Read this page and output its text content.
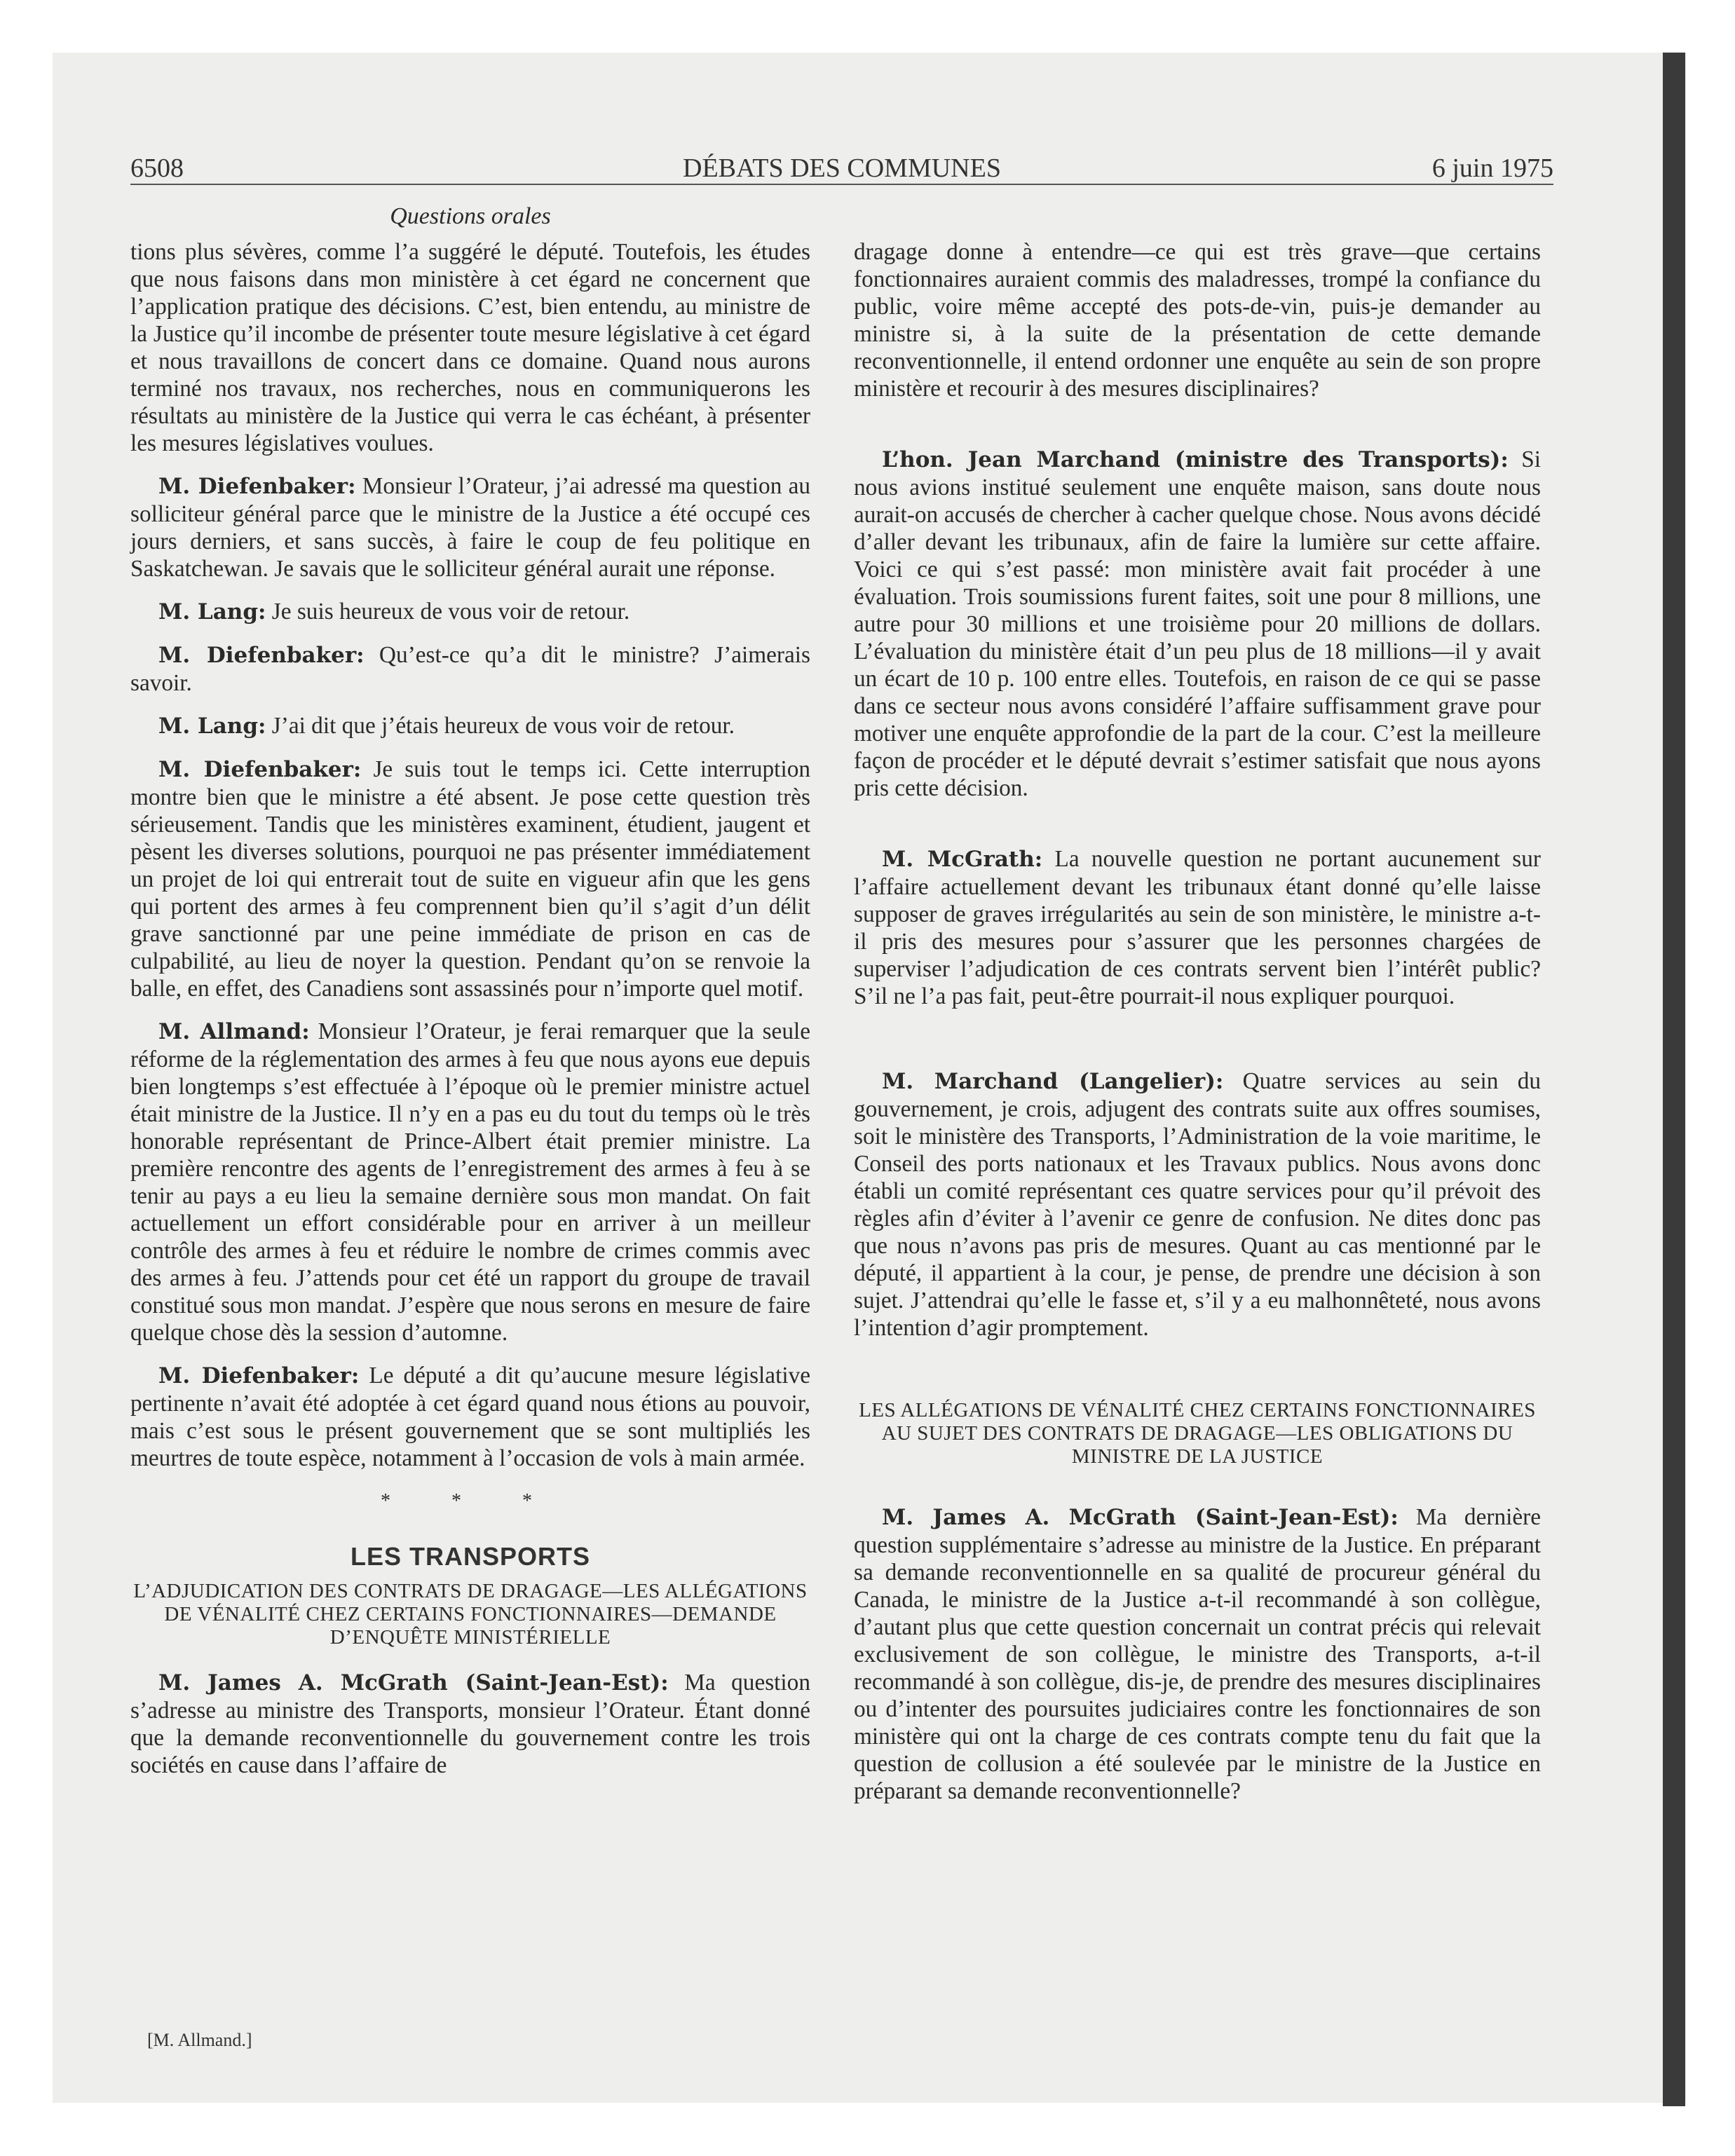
6508	DÉBATS DES COMMUNES	6 juin 1975
Questions orales

tions plus sévères, comme l’a suggéré le député. Toutefois, les études que nous faisons dans mon ministère à cet égard ne concernent que l’application pratique des décisions. C’est, bien entendu, au ministre de la Justice qu’il incombe de présenter toute mesure législative à cet égard et nous travaillons de concert dans ce domaine. Quand nous aurons terminé nos travaux, nos recherches, nous en communiquerons les résultats au ministère de la Justice qui verra le cas échéant, à présenter les mesures législatives voulues.

M. Diefenbaker: Monsieur l’Orateur, j’ai adressé ma question au solliciteur général parce que le ministre de la Justice a été occupé ces jours derniers, et sans succès, à faire le coup de feu politique en Saskatchewan. Je savais que le solliciteur général aurait une réponse.

M. Lang: Je suis heureux de vous voir de retour.

M. Diefenbaker: Qu’est-ce qu’a dit le ministre? J’aimerais savoir.

M. Lang: J’ai dit que j’étais heureux de vous voir de retour.

M. Diefenbaker: Je suis tout le temps ici. Cette interruption montre bien que le ministre a été absent. Je pose cette question très sérieusement. Tandis que les ministères examinent, étudient, jaugent et pèsent les diverses solutions, pourquoi ne pas présenter immédiatement un projet de loi qui entrerait tout de suite en vigueur afin que les gens qui portent des armes à feu comprennent bien qu’il s’agit d’un délit grave sanctionné par une peine immédiate de prison en cas de culpabilité, au lieu de noyer la question. Pendant qu’on se renvoie la balle, en effet, des Canadiens sont assassinés pour n’importe quel motif.

M. Allmand: Monsieur l’Orateur, je ferai remarquer que la seule réforme de la réglementation des armes à feu que nous ayons eue depuis bien longtemps s’est effectuée à l’époque où le premier ministre actuel était ministre de la Justice. Il n’y en a pas eu du tout du temps où le très honorable représentant de Prince-Albert était premier ministre. La première rencontre des agents de l’enregistrement des armes à feu à se tenir au pays a eu lieu la semaine dernière sous mon mandat. On fait actuellement un effort considérable pour en arriver à un meilleur contrôle des armes à feu et réduire le nombre de crimes commis avec des armes à feu. J’attends pour cet été un rapport du groupe de travail constitué sous mon mandat. J’espère que nous serons en mesure de faire quelque chose dès la session d’automne.

M. Diefenbaker: Le député a dit qu’aucune mesure législative pertinente n’avait été adoptée à cet égard quand nous étions au pouvoir, mais c’est sous le présent gouvernement que se sont multipliés les meurtres de toute espèce, notamment à l’occasion de vols à main armée.

* * *
LES TRANSPORTS
L’ADJUDICATION DES CONTRATS DE DRAGAGE—LES ALLÉGATIONS DE VÉNALITÉ CHEZ CERTAINS FONCTIONNAIRES—DEMANDE D’ENQUÊTE MINISTÉRIELLE

M. James A. McGrath (Saint-Jean-Est): Ma question s’adresse au ministre des Transports, monsieur l’Orateur. Étant donné que la demande reconventionnelle du gouvernement contre les trois sociétés en cause dans l’affaire de

dragage donne à entendre—ce qui est très grave—que certains fonctionnaires auraient commis des maladresses, trompé la confiance du public, voire même accepté des pots-de-vin, puis-je demander au ministre si, à la suite de la présentation de cette demande reconventionnelle, il entend ordonner une enquête au sein de son propre ministère et recourir à des mesures disciplinaires?

L’hon. Jean Marchand (ministre des Transports): Si nous avions institué seulement une enquête maison, sans doute nous aurait-on accusés de chercher à cacher quelque chose. Nous avons décidé d’aller devant les tribunaux, afin de faire la lumière sur cette affaire. Voici ce qui s’est passé: mon ministère avait fait procéder à une évaluation. Trois soumissions furent faites, soit une pour 8 millions, une autre pour 30 millions et une troisième pour 20 millions de dollars. L’évaluation du ministère était d’un peu plus de 18 millions—il y avait un écart de 10 p. 100 entre elles. Toutefois, en raison de ce qui se passe dans ce secteur nous avons considéré l’affaire suffisamment grave pour motiver une enquête approfondie de la part de la cour. C’est la meilleure façon de procéder et le député devrait s’estimer satisfait que nous ayons pris cette décision.

M. McGrath: La nouvelle question ne portant aucunement sur l’affaire actuellement devant les tribunaux étant donné qu’elle laisse supposer de graves irrégularités au sein de son ministère, le ministre a-t-il pris des mesures pour s’assurer que les personnes chargées de superviser l’adjudication de ces contrats servent bien l’intérêt public? S’il ne l’a pas fait, peut-être pourrait-il nous expliquer pourquoi.

M. Marchand (Langelier): Quatre services au sein du gouvernement, je crois, adjugent des contrats suite aux offres soumises, soit le ministère des Transports, l’Administration de la voie maritime, le Conseil des ports nationaux et les Travaux publics. Nous avons donc établi un comité représentant ces quatre services pour qu’il prévoit des règles afin d’éviter à l’avenir ce genre de confusion. Ne dites donc pas que nous n’avons pas pris de mesures. Quant au cas mentionné par le député, il appartient à la cour, je pense, de prendre une décision à son sujet. J’attendrai qu’elle le fasse et, s’il y a eu malhonnêteté, nous avons l’intention d’agir promptement.

LES ALLÉGATIONS DE VÉNALITÉ CHEZ CERTAINS FONCTIONNAIRES AU SUJET DES CONTRATS DE DRAGAGE—LES OBLIGATIONS DU MINISTRE DE LA JUSTICE

M. James A. McGrath (Saint-Jean-Est): Ma dernière question supplémentaire s’adresse au ministre de la Justice. En préparant sa demande reconventionnelle en sa qualité de procureur général du Canada, le ministre de la Justice a-t-il recommandé à son collègue, d’autant plus que cette question concernait un contrat précis qui relevait exclusivement de son collègue, le ministre des Transports, a-t-il recommandé à son collègue, dis-je, de prendre des mesures disciplinaires ou d’intenter des poursuites judiciaires contre les fonctionnaires de son ministère qui ont la charge de ces contrats compte tenu du fait que la question de collusion a été soulevée par le ministre de la Justice en préparant sa demande reconventionnelle?

[M. Allmand.]
